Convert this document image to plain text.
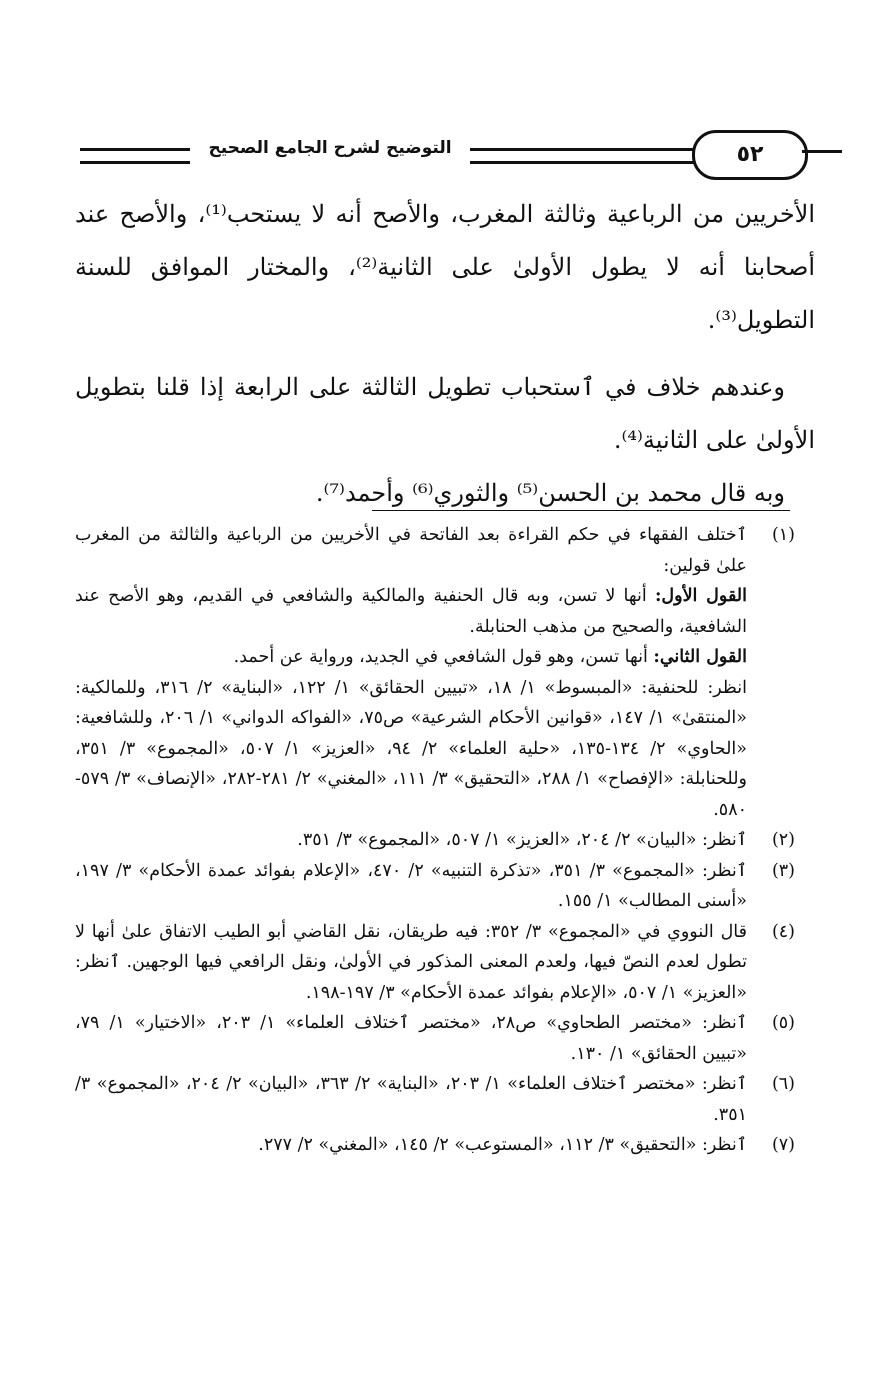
التوضيح لشرح الجامع الصحيح	٥٢

الأخريين من الرباعية وثالثة المغرب، والأصح أنه لا يستحب⁽¹⁾، والأصح عند أصحابنا أنه لا يطول الأولىٰ على الثانية⁽²⁾، والمختار الموافق للسنة التطويل⁽³⁾.

وعندهم خلاف في ٱستحباب تطويل الثالثة على الرابعة إذا قلنا بتطويل الأولىٰ على الثانية⁽⁴⁾.

وبه قال محمد بن الحسن⁽⁵⁾ والثوري⁽⁶⁾ وأحمد⁽⁷⁾.

(١)

ٱختلف الفقهاء في حكم القراءة بعد الفاتحة في الأخريين من الرباعية والثالثة من المغرب علىٰ قولين:

القول الأول: أنها لا تسن، وبه قال الحنفية والمالكية والشافعي في القديم، وهو الأصح عند الشافعية، والصحيح من مذهب الحنابلة.

القول الثاني: أنها تسن، وهو قول الشافعي في الجديد، ورواية عن أحمد.

انظر: للحنفية: «المبسوط» ١/ ١٨، «تبيين الحقائق» ١/ ١٢٢، «البناية» ٢/ ٣١٦، وللمالكية: «المنتقىٰ» ١/ ١٤٧، «قوانين الأحكام الشرعية» ص٧٥، «الفواكه الدواني» ١/ ٢٠٦، وللشافعية: «الحاوي» ٢/ ١٣٤-١٣٥، «حلية العلماء» ٢/ ٩٤، «العزيز» ١/ ٥٠٧، «المجموع» ٣/ ٣٥١، وللحنابلة: «الإفصاح» ١/ ٢٨٨، «التحقيق» ٣/ ١١١، «المغني» ٢/ ٢٨١-٢٨٢، «الإنصاف» ٣/ ٥٧٩- ٥٨٠.

(٢)

ٱنظر: «البيان» ٢/ ٢٠٤، «العزيز» ١/ ٥٠٧، «المجموع» ٣/ ٣٥١.

(٣)

ٱنظر: «المجموع» ٣/ ٣٥١، «تذكرة التنبيه» ٢/ ٤٧٠، «الإعلام بفوائد عمدة الأحكام» ٣/ ١٩٧، «أسنى المطالب» ١/ ١٥٥.

(٤)

قال النووي في «المجموع» ٣/ ٣٥٢: فيه طريقان، نقل القاضي أبو الطيب الاتفاق علىٰ أنها لا تطول لعدم النصّ فيها، ولعدم المعنى المذكور في الأولىٰ، ونقل الرافعي فيها الوجهين. ٱنظر: «العزيز» ١/ ٥٠٧، «الإعلام بفوائد عمدة الأحكام» ٣/ ١٩٧-١٩٨.

(٥)

ٱنظر: «مختصر الطحاوي» ص٢٨، «مختصر ٱختلاف العلماء» ١/ ٢٠٣، «الاختيار» ١/ ٧٩، «تبيين الحقائق» ١/ ١٣٠.

(٦)

ٱنظر: «مختصر ٱختلاف العلماء» ١/ ٢٠٣، «البناية» ٢/ ٣٦٣، «البيان» ٢/ ٢٠٤، «المجموع» ٣/ ٣٥١.

(٧)

ٱنظر: «التحقيق» ٣/ ١١٢، «المستوعب» ٢/ ١٤٥، «المغني» ٢/ ٢٧٧.
